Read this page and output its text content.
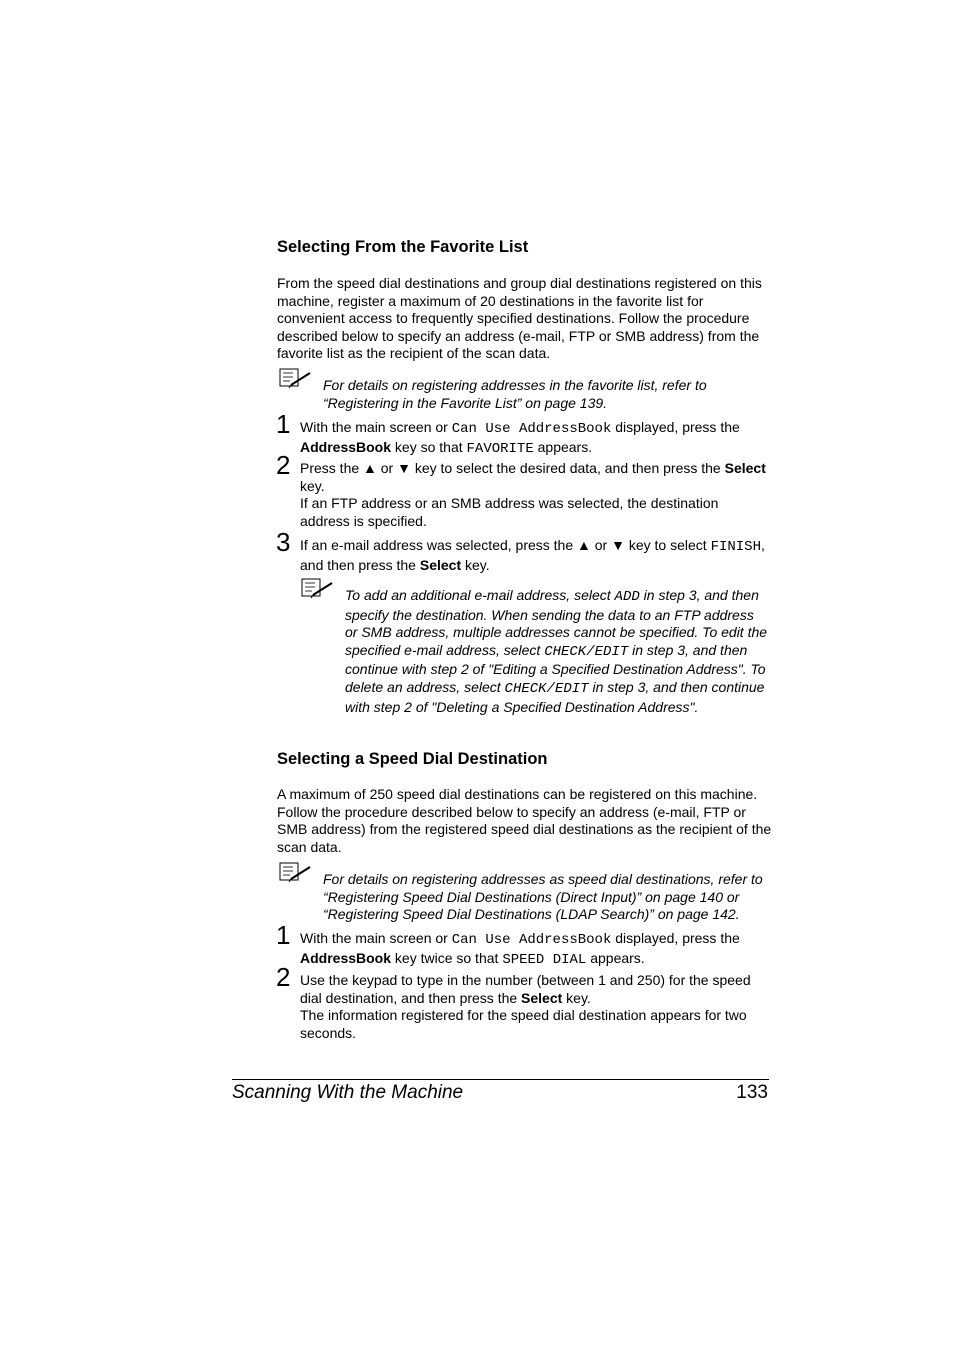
Selecting From the Favorite List

From the speed dial destinations and group dial destinations registered on this machine, register a maximum of 20 destinations in the favorite list for convenient access to frequently specified destinations. Follow the procedure described below to specify an address (e-mail, FTP or SMB address) from the favorite list as the recipient of the scan data.

For details on registering addresses in the favorite list, refer to “Registering in the Favorite List” on page 139.

1 With the main screen or Can Use AddressBook displayed, press the AddressBook key so that FAVORITE appears.

2 Press the ▲ or ▼ key to select the desired data, and then press the Select key.

If an FTP address or an SMB address was selected, the destination address is specified.

3 If an e-mail address was selected, press the ▲ or ▼ key to select FINISH, and then press the Select key.

To add an additional e-mail address, select ADD in step 3, and then specify the destination. When sending the data to an FTP address or SMB address, multiple addresses cannot be specified. To edit the specified e-mail address, select CHECK/EDIT in step 3, and then continue with step 2 of "Editing a Specified Destination Address". To delete an address, select CHECK/EDIT in step 3, and then continue with step 2 of "Deleting a Specified Destination Address".

Selecting a Speed Dial Destination

A maximum of 250 speed dial destinations can be registered on this machine. Follow the procedure described below to specify an address (e-mail, FTP or SMB address) from the registered speed dial destinations as the recipient of the scan data.

For details on registering addresses as speed dial destinations, refer to “Registering Speed Dial Destinations (Direct Input)” on page 140 or “Registering Speed Dial Destinations (LDAP Search)” on page 142.

1 With the main screen or Can Use AddressBook displayed, press the AddressBook key twice so that SPEED DIAL appears.

2 Use the keypad to type in the number (between 1 and 250) for the speed dial destination, and then press the Select key.

The information registered for the speed dial destination appears for two seconds.

Scanning With the Machine	133
